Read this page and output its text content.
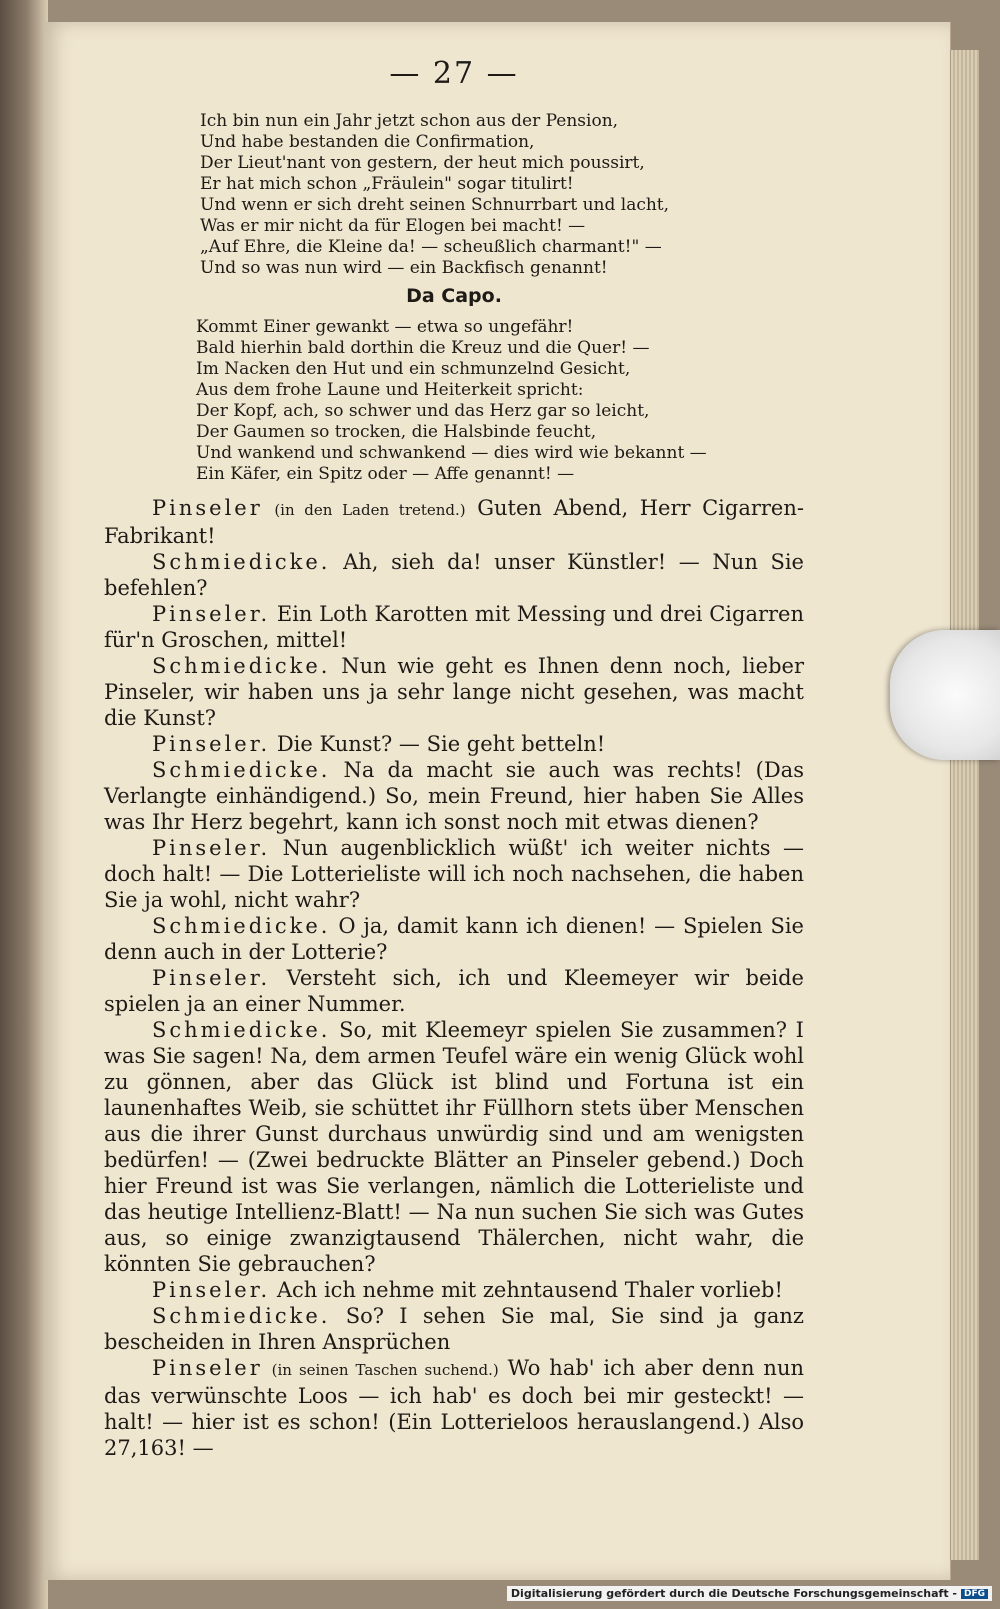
— 27 —
Ich bin nun ein Jahr jetzt schon aus der Pension,
Und habe bestanden die Confirmation,
Der Lieut'nant von gestern, der heut mich poussirt,
Er hat mich schon „Fräulein" sogar titulirt!
Und wenn er sich dreht seinen Schnurrbart und lacht,
Was er mir nicht da für Elogen bei macht! —
„Auf Ehre, die Kleine da! — scheußlich charmant!" —
Und so was nun wird — ein Backfisch genannt!
Da Capo.
Kommt Einer gewankt — etwa so ungefähr!
Bald hierhin bald dorthin die Kreuz und die Quer! —
Im Nacken den Hut und ein schmunzelnd Gesicht,
Aus dem frohe Laune und Heiterkeit spricht:
Der Kopf, ach, so schwer und das Herz gar so leicht,
Der Gaumen so trocken, die Halsbinde feucht,
Und wankend und schwankend — dies wird wie bekannt —
Ein Käfer, ein Spitz oder — Affe genannt! —

Pinseler (in den Laden tretend.) Guten Abend, Herr Cigarren-Fabrikant!

Schmiedicke. Ah, sieh da! unser Künstler! — Nun Sie befehlen?

Pinseler. Ein Loth Karotten mit Messing und drei Cigarren für'n Groschen, mittel!

Schmiedicke. Nun wie geht es Ihnen denn noch, lieber Pinseler, wir haben uns ja sehr lange nicht gesehen, was macht die Kunst?

Pinseler. Die Kunst? — Sie geht betteln!

Schmiedicke. Na da macht sie auch was rechts! (Das Verlangte einhändigend.) So, mein Freund, hier haben Sie Alles was Ihr Herz begehrt, kann ich sonst noch mit etwas dienen?

Pinseler. Nun augenblicklich wüßt' ich weiter nichts — doch halt! — Die Lotterieliste will ich noch nachsehen, die haben Sie ja wohl, nicht wahr?

Schmiedicke. O ja, damit kann ich dienen! — Spielen Sie denn auch in der Lotterie?

Pinseler. Versteht sich, ich und Kleemeyer wir beide spielen ja an einer Nummer.

Schmiedicke. So, mit Kleemeyr spielen Sie zusammen? I was Sie sagen! Na, dem armen Teufel wäre ein wenig Glück wohl zu gönnen, aber das Glück ist blind und Fortuna ist ein launenhaftes Weib, sie schüttet ihr Füllhorn stets über Menschen aus die ihrer Gunst durchaus unwürdig sind und am wenigsten bedürfen! — (Zwei bedruckte Blätter an Pinseler gebend.) Doch hier Freund ist was Sie verlangen, nämlich die Lotterieliste und das heutige Intellienz-Blatt! — Na nun suchen Sie sich was Gutes aus, so einige zwanzigtausend Thälerchen, nicht wahr, die könnten Sie gebrauchen?

Pinseler. Ach ich nehme mit zehntausend Thaler vorlieb!

Schmiedicke. So? I sehen Sie mal, Sie sind ja ganz bescheiden in Ihren Ansprüchen

Pinseler (in seinen Taschen suchend.) Wo hab' ich aber denn nun das verwünschte Loos — ich hab' es doch bei mir gesteckt! — halt! — hier ist es schon! (Ein Lotterieloos herauslangend.) Also 27,163! —

Digitalisierung gefördert durch die Deutsche Forschungsgemeinschaft - DFG
